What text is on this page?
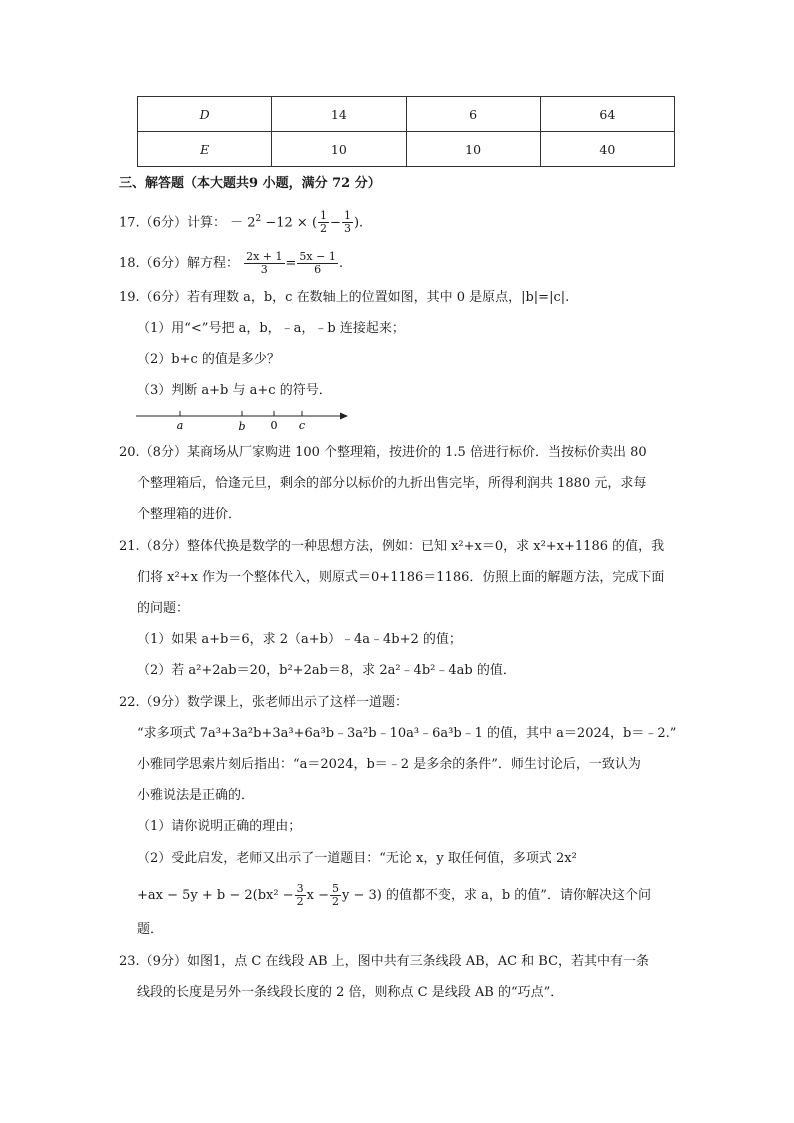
D	14	6	64
E	10	10	40
三、解答题（本大题共9 小题，满分 72 分）
17.（6分）计算： － $2^2 -12$ × ( $\frac{1}{2} - \frac{1}{3}$ ).
18.（6分）解方程： $\frac{2x + 1}{3} = \frac{5x - 1}{6}$ .
19.（6分）若有理数 a，b，c 在数轴上的位置如图，其中 0 是原点，|b|=|c|.
（1）用“<”号把 a，b，﹣a，﹣b 连接起来；
（2）b+c 的值是多少？
（3）判断 a+b 与 a+c 的符号．
a	b 0 c
20.（8分）某商场从厂家购进 100 个整理箱，按进价的 1.5 倍进行标价．当按标价卖出 80
个整理箱后，恰逢元旦，剩余的部分以标价的九折出售完毕，所得利润共 1880 元，求每
个整理箱的进价．
21.（8分）整体代换是数学的一种思想方法，例如：已知 x²+x＝0，求 x²+x+1186 的值，我
们将 x²+x 作为一个整体代入，则原式＝0+1186＝1186．仿照上面的解题方法，完成下面
的问题：
（1）如果 a+b＝6，求 2（a+b）﹣4a﹣4b+2 的值；
（2）若 a²+2ab＝20，b²+2ab＝8，求 2a²﹣4b²﹣4ab 的值．
22.（9分）数学课上，张老师出示了这样一道题：
“求多项式 7a³+3a²b+3a³+6a³b﹣3a²b﹣10a³﹣6a³b﹣1 的值，其中 a＝2024，b＝﹣2.”
小雅同学思索片刻后指出：“a＝2024，b＝﹣2 是多余的条件”．师生讨论后，一致认为
小雅说法是正确的．
（1）请你说明正确的理由；
（2）受此启发，老师又出示了一道题目：“无论 x，y 取任何值，多项式 2x²
$+ax - 5y + b - 2(bx^2 - \frac{3}{2}$ $x - \frac{5}{2}$ y − 3) 的值都不变，求 a，b 的值”．请你解决这个问
题．
23.（9分）如图1，点 C 在线段 AB 上，图中共有三条线段 AB，AC 和 BC，若其中有一条
线段的长度是另外一条线段长度的 2 倍，则称点 C 是线段 AB 的“巧点”．
